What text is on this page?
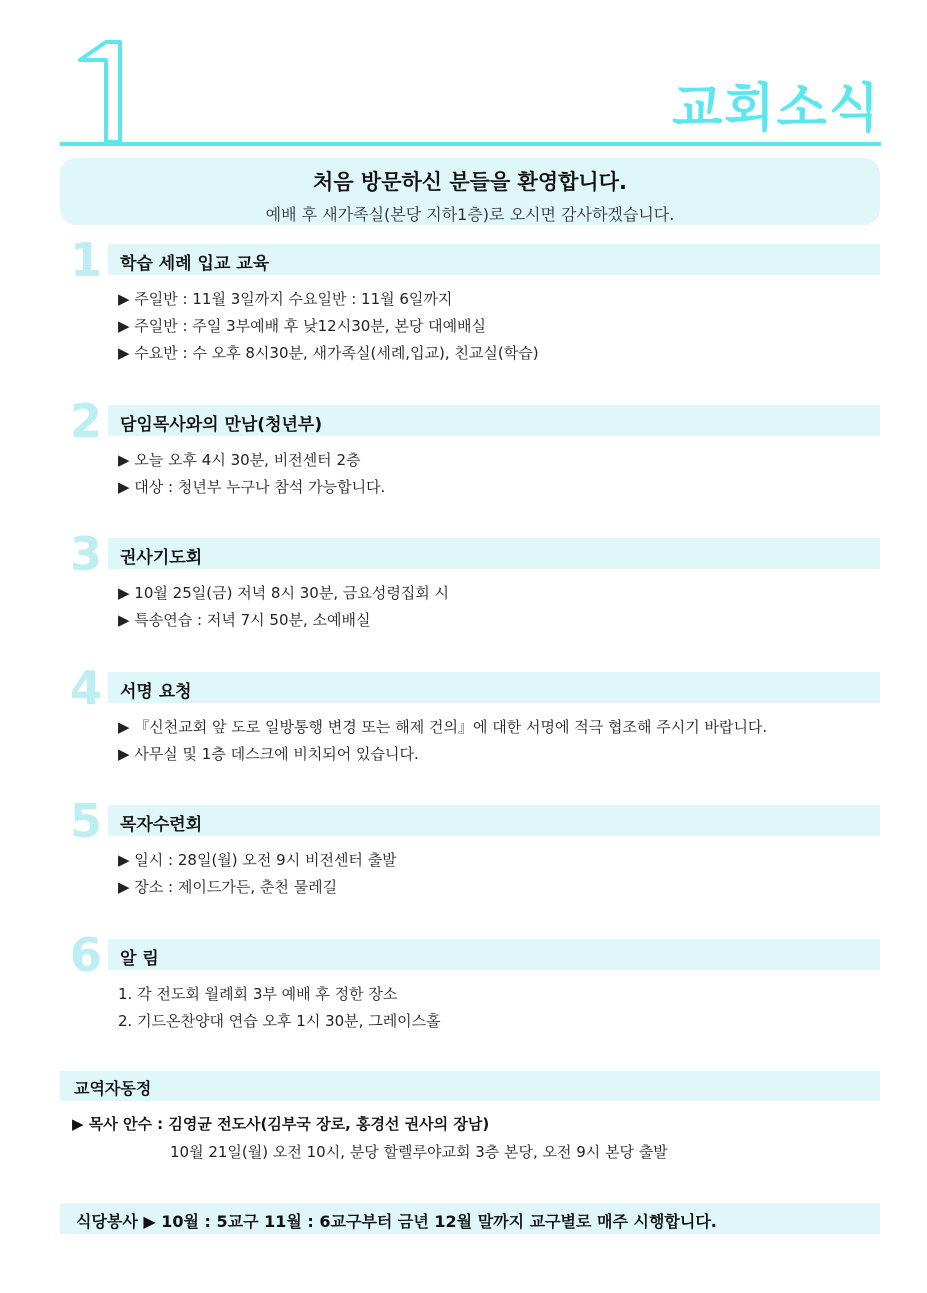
교회소식
처음 방문하신 분들을 환영합니다.
예배 후 새가족실(본당 지하1층)로 오시면 감사하겠습니다.
1 학습 세례 입교 교육
▶ 주일반 : 11월 3일까지 수요일반 : 11월 6일까지
▶ 주일반 : 주일 3부예배 후 낮12시30분, 본당 대예배실
▶ 수요반 : 수 오후 8시30분, 새가족실(세례,입교), 친교실(학습)
2 담임목사와의 만남(청년부)
▶ 오늘 오후 4시 30분, 비전센터 2층
▶ 대상 : 청년부 누구나 참석 가능합니다.
3 권사기도회
▶ 10월 25일(금) 저녁 8시 30분, 금요성령집회 시
▶ 특송연습 : 저녁 7시 50분, 소예배실
4 서명 요청
▶ 『신천교회 앞 도로 일방통행 변경 또는 해제 건의』에 대한 서명에 적극 협조해 주시기 바랍니다.
▶ 사무실 및 1층 데스크에 비치되어 있습니다.
5 목자수련회
▶ 일시 : 28일(월) 오전 9시 비전센터 출발
▶ 장소 : 제이드가든, 춘천 물레길
6 알 림
1. 각 전도회 월례회 3부 예배 후 정한 장소
2. 기드온찬양대 연습 오후 1시 30분, 그레이스홀
교역자동정
▶ 목사 안수 : 김영균 전도사(김부국 장로, 홍경선 권사의 장남)
10월 21일(월) 오전 10시, 분당 할렐루야교회 3층 본당, 오전 9시 본당 출발
식당봉사 ▶ 10월 : 5교구 11월 : 6교구부터 금년 12월 말까지 교구별로 매주 시행합니다.
